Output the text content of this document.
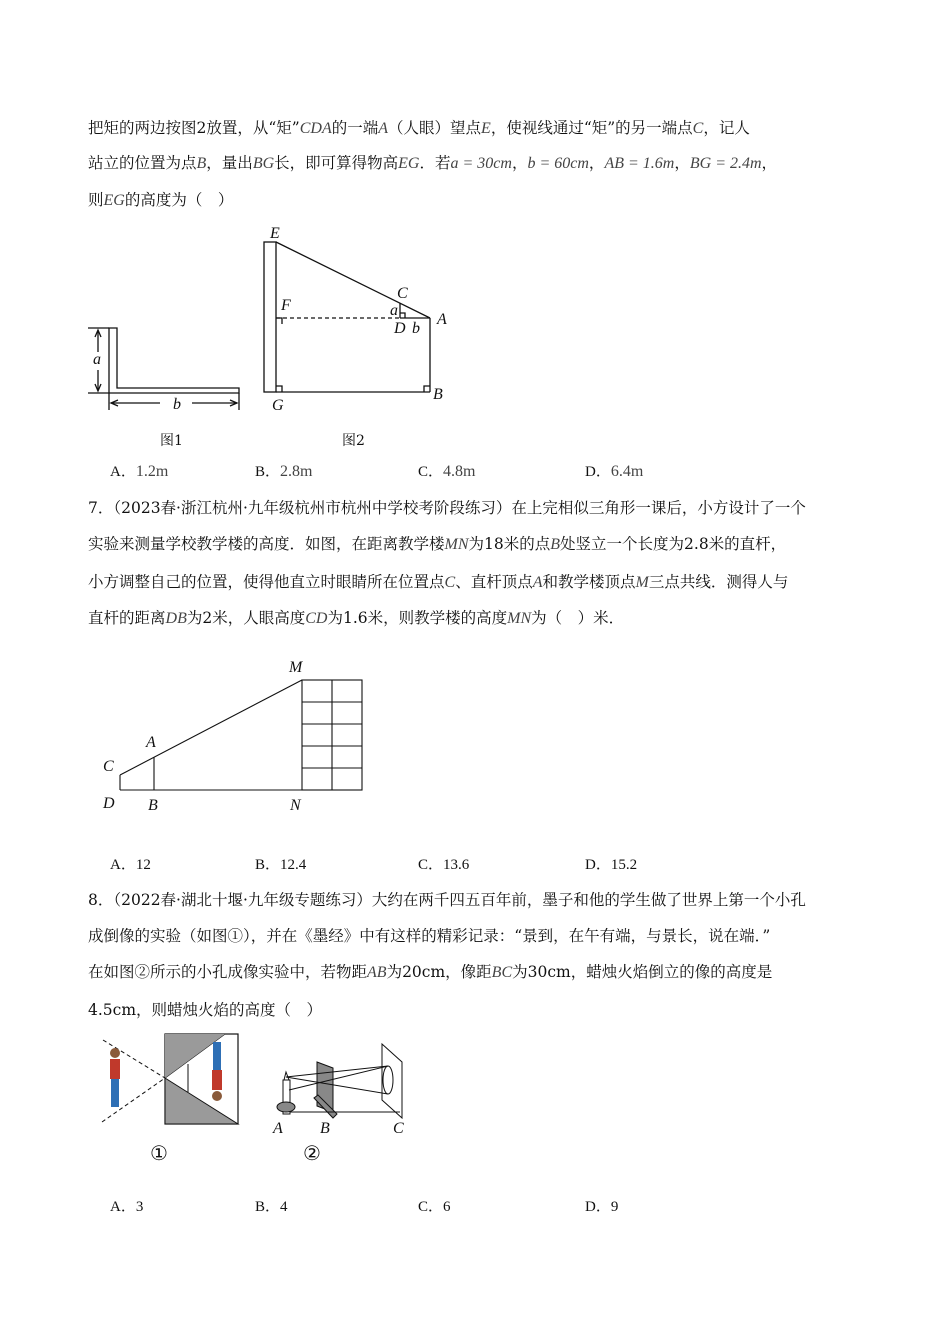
把矩的两边按图2放置，从“矩”CDA的一端A（人眼）望点E，使视线通过“矩”的另一端点C，记人
站立的位置为点B，量出BG长，即可算得物高EG．若a = 30cm，b = 60cm，AB = 1.6m，BG = 2.4m，
则EG的高度为（　）
7．（2023春·浙江杭州·九年级杭州市杭州中学校考阶段练习）在上完相似三角形一课后，小方设计了一个
实验来测量学校教学楼的高度．如图，在距离教学楼MN为18米的点B处竖立一个长度为2.8米的直杆，
小方调整自己的位置，使得他直立时眼睛所在位置点C、直杆顶点A和教学楼顶点M三点共线．测得人与
直杆的距离DB为2米，人眼高度CD为1.6米，则教学楼的高度MN为（　）米．
8．（2022春·湖北十堰·九年级专题练习）大约在两千四五百年前，墨子和他的学生做了世界上第一个小孔
成倒像的实验（如图①），并在《墨经》中有这样的精彩记录：“景到，在午有端，与景长，说在端．”
在如图②所示的小孔成像实验中，若物距AB为20cm，像距BC为30cm，蜡烛火焰倒立的像的高度是
4.5cm，则蜡烛火焰的高度（　）
A．1.2m	B．2.8m	C．4.8m	D．6.4m
A．12	B．12.4	C．13.6	D．15.2
A．3	B．4	C．6	D．9
a
b
图1
E
F
C
a
D b
A
B
G
图2
M
A
C
D B	N
①
A B	C
②
